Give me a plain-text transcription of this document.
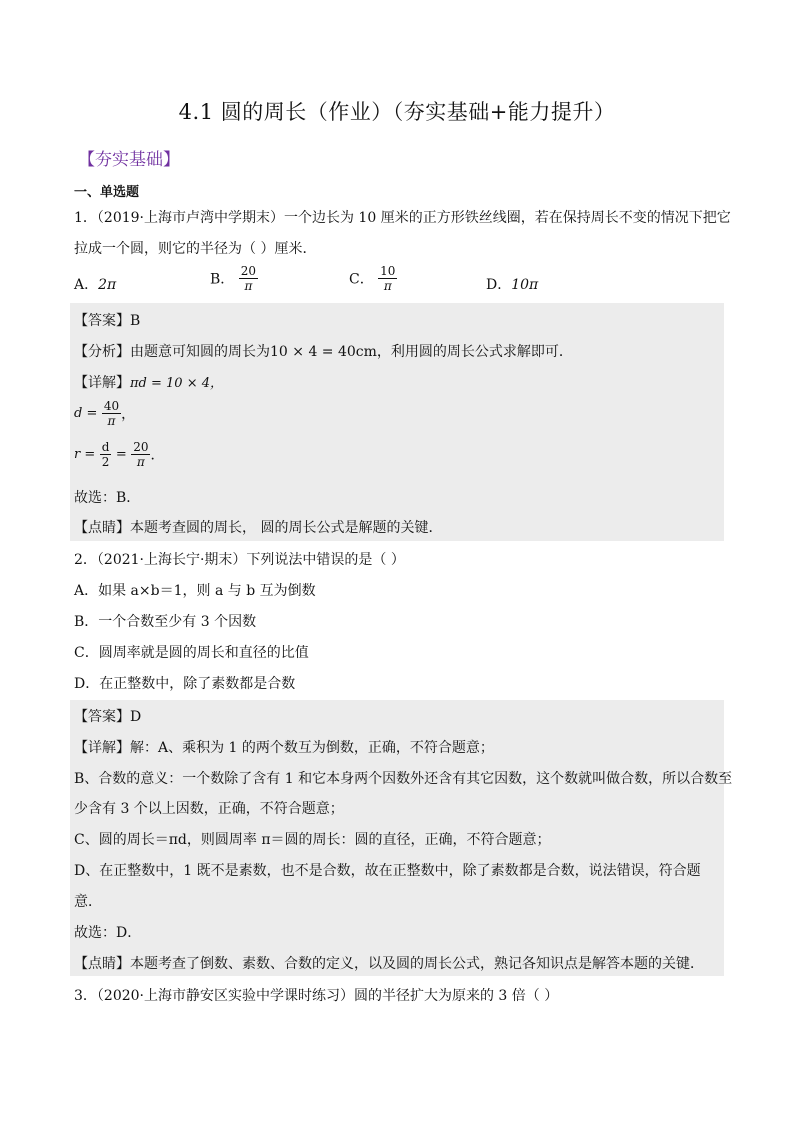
4.1 圆的周长（作业）（夯实基础+能力提升）
【夯实基础】
一、单选题
1．（2019·上海市卢湾中学期末）一个边长为 10 厘米的正方形铁丝线圈，若在保持周长不变的情况下把它
拉成一个圆，则它的半径为（ ）厘米．
A．2π	B． $\frac{20}{\pi}$	C． $\frac{10}{\pi}$	D．10π
【答案】B
【分析】由题意可知圆的周长为10 × 4 = 40cm，利用圆的周长公式求解即可．
【详解】πd = 10 × 4，
$d = \frac{40}{\pi}$ ，
$r = \frac{d}{2} = \frac{20}{\pi}$ ．
故选：B．
【点睛】本题考查圆的周长， 圆的周长公式是解题的关键．
2．（2021·上海长宁·期末）下列说法中错误的是（ ）
A．如果 a×b＝1，则 a 与 b 互为倒数
B．一个合数至少有 3 个因数
C．圆周率就是圆的周长和直径的比值
D．在正整数中，除了素数都是合数
【答案】D
【详解】解：A、乘积为 1 的两个数互为倒数，正确，不符合题意；
B、合数的意义：一个数除了含有 1 和它本身两个因数外还含有其它因数，这个数就叫做合数，所以合数至
少含有 3 个以上因数，正确，不符合题意；
C、圆的周长＝πd，则圆周率 π＝圆的周长：圆的直径，正确，不符合题意；
D、在正整数中，1 既不是素数，也不是合数，故在正整数中，除了素数都是合数，说法错误，符合题
意．
故选：D．
【点睛】本题考查了倒数、素数、合数的定义，以及圆的周长公式，熟记各知识点是解答本题的关键．
3．（2020·上海市静安区实验中学课时练习）圆的半径扩大为原来的 3 倍（ ）
